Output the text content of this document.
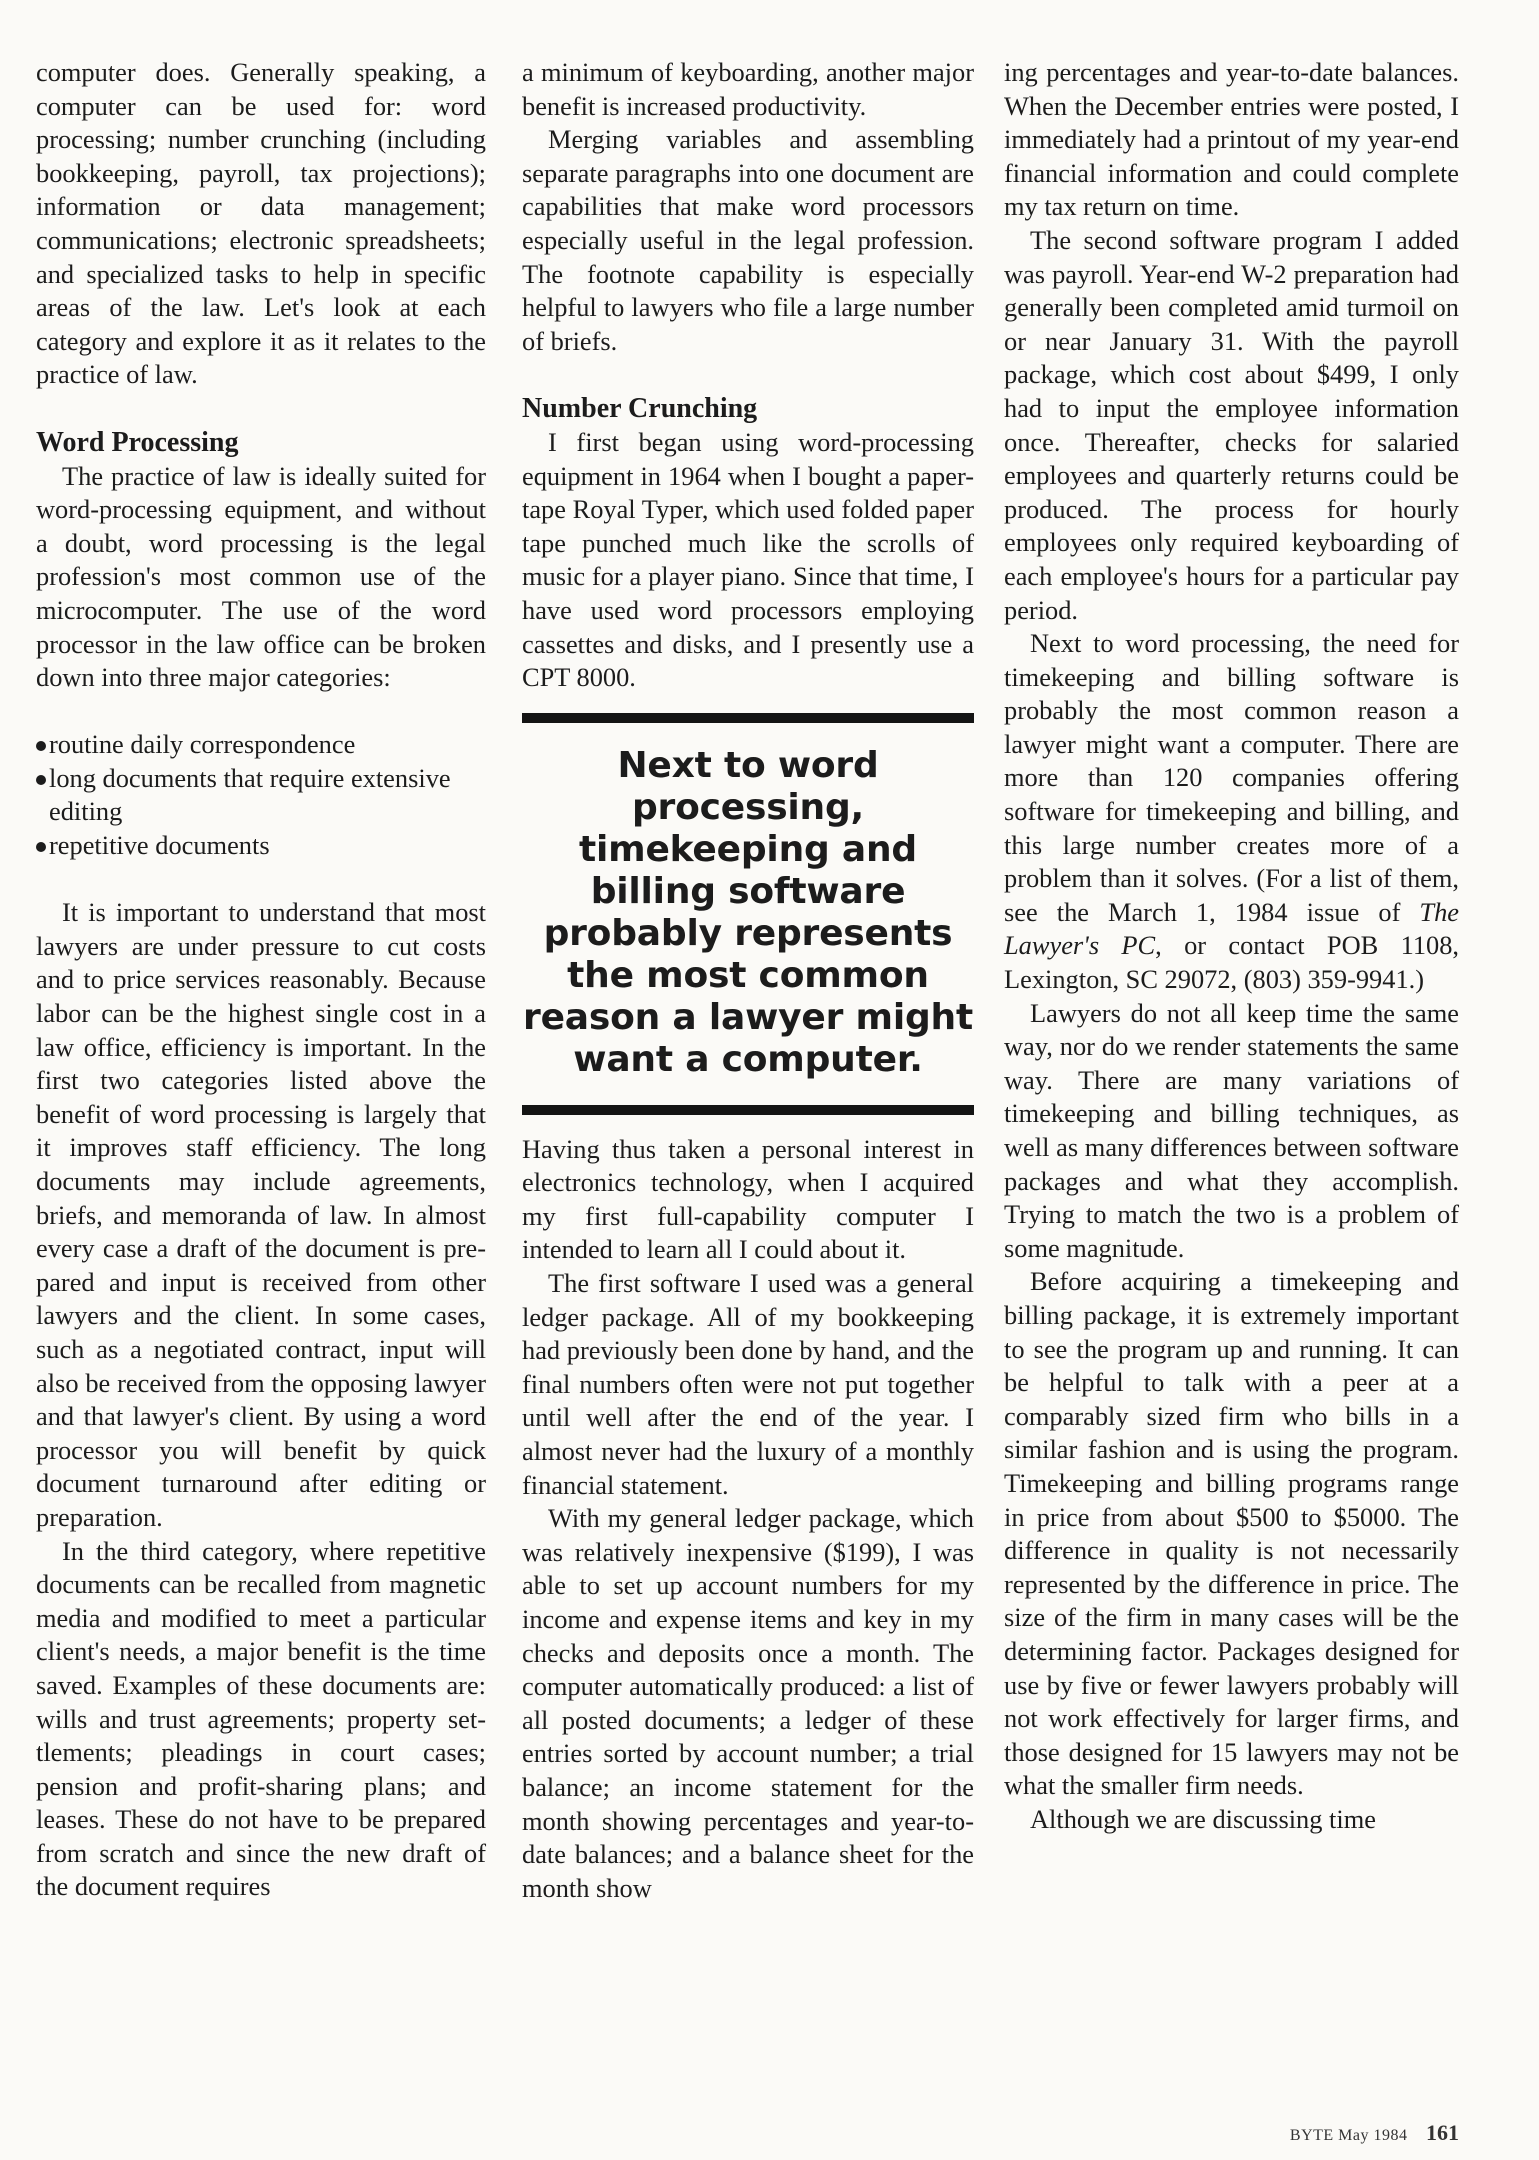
computer does. Generally speaking, a computer can be used for: word processing; number crunching (including bookkeeping, payroll, tax projections); information or data management; communications; electronic spreadsheets; and specialized tasks to help in specific areas of the law. Let's look at each category and explore it as it relates to the practice of law.

Word Processing

The practice of law is ideally suited for word-processing equipment, and without a doubt, word processing is the legal profession's most common use of the microcomputer. The use of the word processor in the law office can be broken down into three major categories:

routine daily correspondence
long documents that require extensive editing
repetitive documents

It is important to understand that most lawyers are under pressure to cut costs and to price services reasonably. Because labor can be the highest single cost in a law office, efficiency is important. In the first two categories listed above the benefit of word processing is largely that it improves staff efficiency. The long documents may include agreements, briefs, and memoranda of law. In almost every case a draft of the document is prepared and input is received from other lawyers and the client. In some cases, such as a negotiated contract, input will also be received from the opposing lawyer and that lawyer's client. By using a word processor you will benefit by quick document turnaround after editing or preparation.

In the third category, where repetitive documents can be recalled from magnetic media and modified to meet a particular client's needs, a major benefit is the time saved. Examples of these documents are: wills and trust agreements; property settlements; pleadings in court cases; pension and profit-sharing plans; and leases. These do not have to be prepared from scratch and since the new draft of the document requires

a minimum of keyboarding, another major benefit is increased productivity.

Merging variables and assembling separate paragraphs into one document are capabilities that make word processors especially useful in the legal profession. The footnote capability is especially helpful to lawyers who file a large number of briefs.

Number Crunching

I first began using word-processing equipment in 1964 when I bought a paper-tape Royal Typer, which used folded paper tape punched much like the scrolls of music for a player piano. Since that time, I have used word processors employing cassettes and disks, and I presently use a CPT 8000.

Next to word processing, timekeeping and billing software probably represents the most common reason a lawyer might want a computer.

Having thus taken a personal interest in electronics technology, when I acquired my first full-capability computer I intended to learn all I could about it.

The first software I used was a general ledger package. All of my bookkeeping had previously been done by hand, and the final numbers often were not put together until well after the end of the year. I almost never had the luxury of a monthly financial statement.

With my general ledger package, which was relatively inexpensive ($199), I was able to set up account numbers for my income and expense items and key in my checks and deposits once a month. The computer automatically produced: a list of all posted documents; a ledger of these entries sorted by account number; a trial balance; an income statement for the month showing percentages and year-to-date balances; and a balance sheet for the month show

ing percentages and year-to-date balances. When the December entries were posted, I immediately had a printout of my year-end financial information and could complete my tax return on time.

The second software program I added was payroll. Year-end W-2 preparation had generally been completed amid turmoil on or near January 31. With the payroll package, which cost about $499, I only had to input the employee information once. Thereafter, checks for salaried employees and quarterly returns could be produced. The process for hourly employees only required keyboarding of each employee's hours for a particular pay period.

Next to word processing, the need for timekeeping and billing software is probably the most common reason a lawyer might want a computer. There are more than 120 companies offering software for timekeeping and billing, and this large number creates more of a problem than it solves. (For a list of them, see the March 1, 1984 issue of The Lawyer's PC, or contact POB 1108, Lexington, SC 29072, (803) 359-9941.)

Lawyers do not all keep time the same way, nor do we render statements the same way. There are many variations of timekeeping and billing techniques, as well as many differences between software packages and what they accomplish. Trying to match the two is a problem of some magnitude.

Before acquiring a timekeeping and billing package, it is extremely important to see the program up and running. It can be helpful to talk with a peer at a comparably sized firm who bills in a similar fashion and is using the program. Timekeeping and billing programs range in price from about $500 to $5000. The difference in quality is not necessarily represented by the difference in price. The size of the firm in many cases will be the determining factor. Packages designed for use by five or fewer lawyers probably will not work effectively for larger firms, and those designed for 15 lawyers may not be what the smaller firm needs.

Although we are discussing time

BYTE May 1984 161
